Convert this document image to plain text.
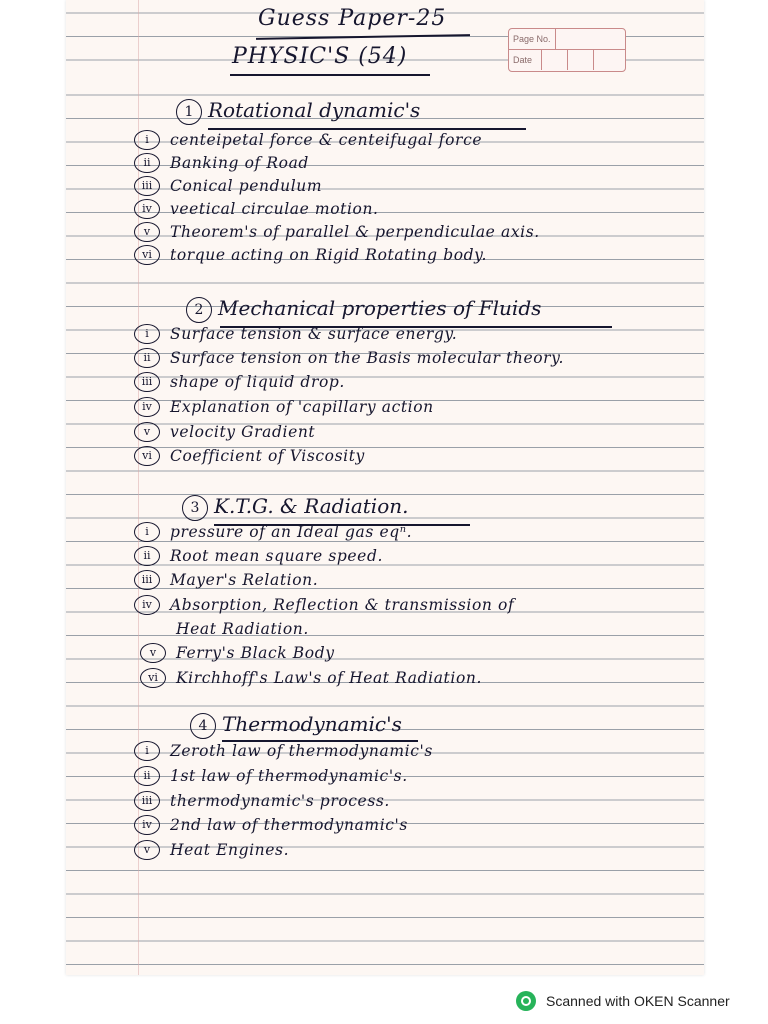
Guess Paper-25
PHYSIC'S (54)
Page No.
Date
1 Rotational dynamic's
i centeipetal force & centeifugal force
ii Banking of Road
iii Conical pendulum
iv veetical circulae motion.
v Theorem's of parallel & perpendiculae axis.
vi torque acting on Rigid Rotating body.
2 Mechanical properties of Fluids
i Surface tension & surface energy.
ii Surface tension on the Basis molecular theory.
iii shape of liquid drop.
iv Explanation of 'capillary action
v velocity Gradient
vi Coefficient of Viscosity
3 K.T.G. & Radiation.
i pressure of an Ideal gas eqⁿ.
ii Root mean square speed.
iii Mayer's Relation.
iv Absorption, Reflection & transmission of
Heat Radiation.
v Ferry's Black Body
vi Kirchhoff's Law's of Heat Radiation.
4 Thermodynamic's
i Zeroth law of thermodynamic's
ii 1st law of thermodynamic's.
iii thermodynamic's process.
iv 2nd law of thermodynamic's
v Heat Engines.
Scanned with OKEN Scanner
